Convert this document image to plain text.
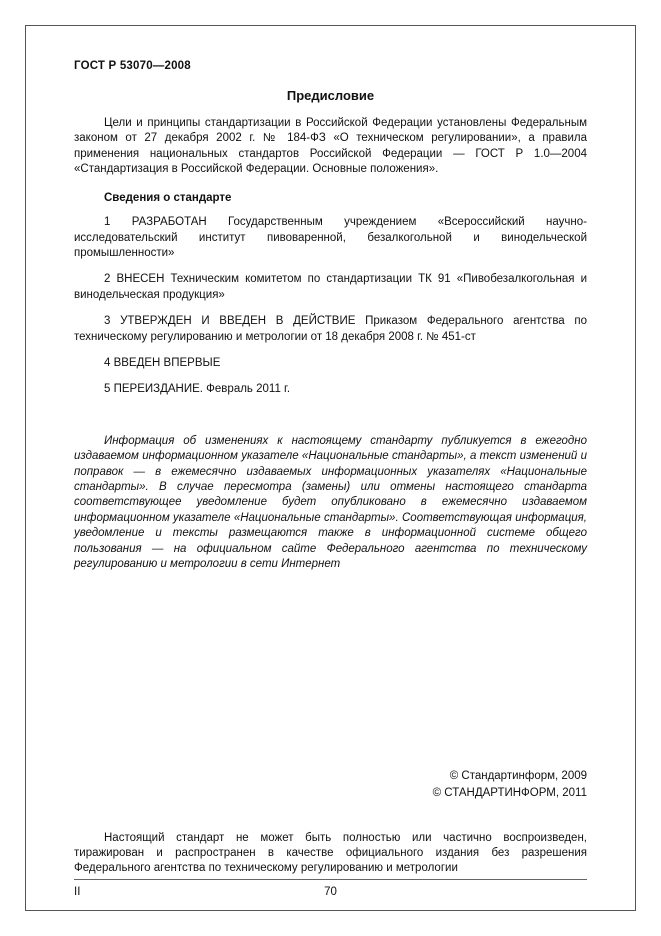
ГОСТ Р 53070—2008
Предисловие

Цели и принципы стандартизации в Российской Федерации установлены Федеральным законом от 27 декабря 2002 г. № 184-ФЗ «О техническом регулировании», а правила применения национальных стандартов Российской Федерации — ГОСТ Р 1.0—2004 «Стандартизация в Российской Федерации. Основные положения».

Сведения о стандарте

1 РАЗРАБОТАН Государственным учреждением «Всероссийский научно-исследовательский институт пивоваренной, безалкогольной и винодельческой промышленности»

2 ВНЕСЕН Техническим комитетом по стандартизации ТК 91 «Пивобезалкогольная и винодельческая продукция»

3 УТВЕРЖДЕН И ВВЕДЕН В ДЕЙСТВИЕ Приказом Федерального агентства по техническому регулированию и метрологии от 18 декабря 2008 г. № 451-ст

4 ВВЕДЕН ВПЕРВЫЕ

5 ПЕРЕИЗДАНИЕ. Февраль 2011 г.

Информация об изменениях к настоящему стандарту публикуется в ежегодно издаваемом информационном указателе «Национальные стандарты», а текст изменений и поправок — в ежемесячно издаваемых информационных указателях «Национальные стандарты». В случае пересмотра (замены) или отмены настоящего стандарта соответствующее уведомление будет опубликовано в ежемесячно издаваемом информационном указателе «Национальные стандарты». Соответствующая информация, уведомление и тексты размещаются также в информационной системе общего пользования — на официальном сайте Федерального агентства по техническому регулированию и метрологии в сети Интернет

© Стандартинформ, 2009
© СТАНДАРТИНФОРМ, 2011

Настоящий стандарт не может быть полностью или частично воспроизведен, тиражирован и распространен в качестве официального издания без разрешения Федерального агентства по техническому регулированию и метрологии

II	70
